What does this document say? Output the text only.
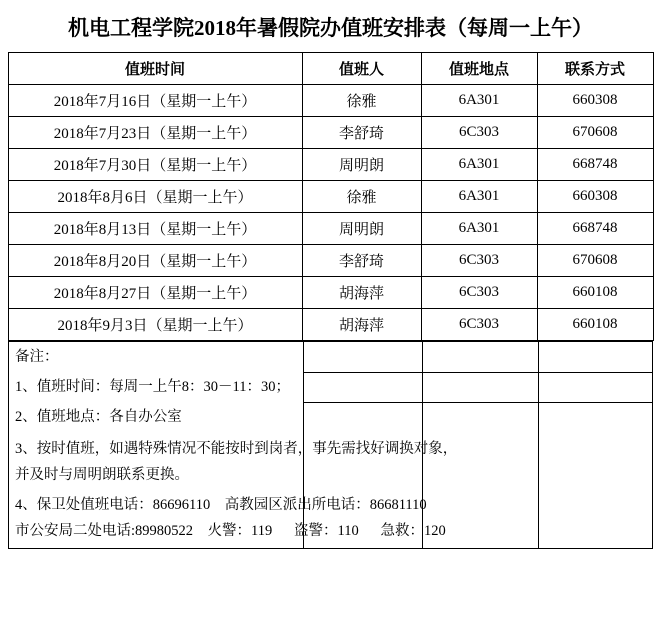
机电工程学院2018年暑假院办值班安排表（每周一上午）
值班时间	值班人	值班地点	联系方式
2018年7月16日（星期一上午）	徐雅	6A301	660308
2018年7月23日（星期一上午）	李舒琦	6C303	670608
2018年7月30日（星期一上午）	周明朗	6A301	668748
2018年8月6日（星期一上午）	徐雅	6A301	660308
2018年8月13日（星期一上午）	周明朗	6A301	668748
2018年8月20日（星期一上午）	李舒琦	6C303	670608
2018年8月27日（星期一上午）	胡海萍	6C303	660108
2018年9月3日（星期一上午）	胡海萍	6C303	660108
备注：
1、值班时间：每周一上午8：30－11：30；
2、值班地点：各自办公室
3、按时值班，如遇特殊情况不能按时到岗者，事先需找好调换对象，
并及时与周明朗联系更换。
4、保卫处值班电话：86696110    高教园区派出所电话：86681110
市公安局二处电话:89980522    火警：119      盗警：110      急救：120
